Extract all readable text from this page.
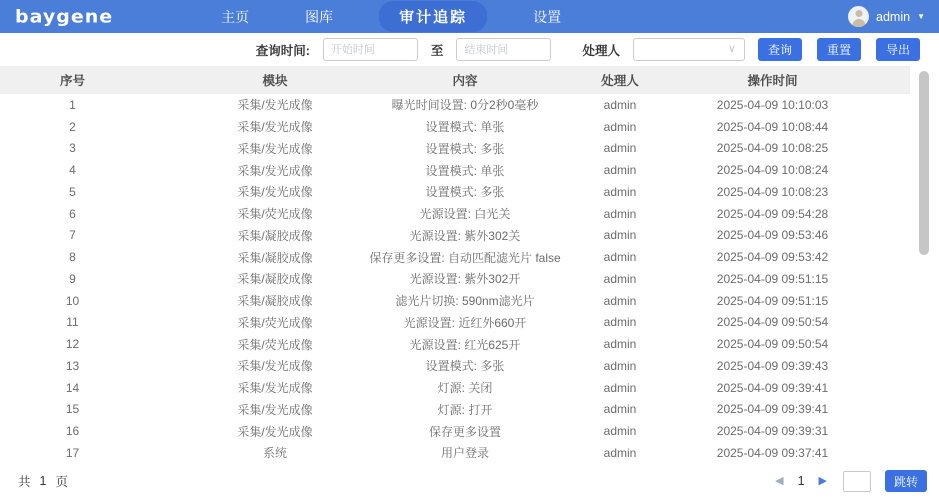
baygene	主页	图库	审计追踪	设置	admin ▼
查询时间:
开始时间	至
结束时间	处理人	∨	查询	重置	导出
序号	模块	内容	处理人	操作时间
1	采集/发光成像	曝光时间设置: 0分2秒0毫秒	admin	2025-04-09 10:10:03
2	采集/发光成像	设置模式: 单张	admin	2025-04-09 10:08:44
3	采集/发光成像	设置模式: 多张	admin	2025-04-09 10:08:25
4	采集/发光成像	设置模式: 单张	admin	2025-04-09 10:08:24
5	采集/发光成像	设置模式: 多张	admin	2025-04-09 10:08:23
6	采集/荧光成像	光源设置: 白光关	admin	2025-04-09 09:54:28
7	采集/凝胶成像	光源设置: 紫外302关	admin	2025-04-09 09:53:46
8	采集/凝胶成像	保存更多设置: 自动匹配滤光片 false	admin	2025-04-09 09:53:42
9	采集/凝胶成像	光源设置: 紫外302开	admin	2025-04-09 09:51:15
10	采集/凝胶成像	滤光片切换: 590nm滤光片	admin	2025-04-09 09:51:15
11	采集/荧光成像	光源设置: 近红外660开	admin	2025-04-09 09:50:54
12	采集/荧光成像	光源设置: 红光625开	admin	2025-04-09 09:50:54
13	采集/发光成像	设置模式: 多张	admin	2025-04-09 09:39:43
14	采集/发光成像	灯源: 关闭	admin	2025-04-09 09:39:41
15	采集/发光成像	灯源: 打开	admin	2025-04-09 09:39:41
16	采集/发光成像	保存更多设置	admin	2025-04-09 09:39:31
17	系统	用户登录	admin	2025-04-09 09:37:41
共 1 页	◀ 1 ▶	跳转
